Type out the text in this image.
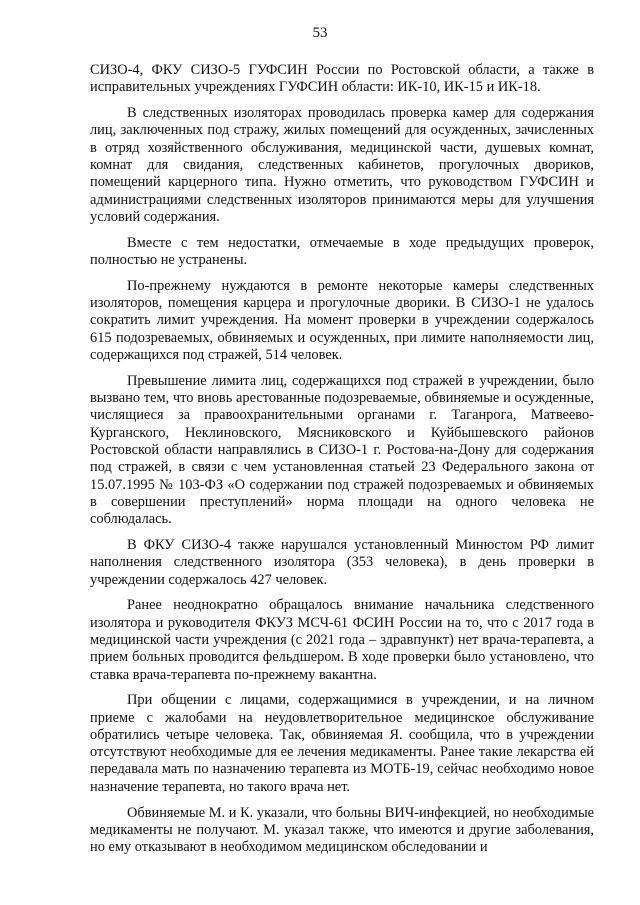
53

СИЗО-4, ФКУ СИЗО-5 ГУФСИН России по Ростовской области, а также в исправительных учреждениях ГУФСИН области: ИК-10, ИК-15 и ИК-18.

В следственных изоляторах проводилась проверка камер для содержания лиц, заключенных под стражу, жилых помещений для осужденных, зачисленных в отряд хозяйственного обслуживания, медицинской части, душевых комнат, комнат для свидания, следственных кабинетов, прогулочных двориков, помещений карцерного типа. Нужно отметить, что руководством ГУФСИН и администрациями следственных изоляторов принимаются меры для улучшения условий содержания.

Вместе с тем недостатки, отмечаемые в ходе предыдущих проверок, полностью не устранены.

По-прежнему нуждаются в ремонте некоторые камеры следственных изоляторов, помещения карцера и прогулочные дворики. В СИЗО-1 не удалось сократить лимит учреждения. На момент проверки в учреждении содержалось 615 подозреваемых, обвиняемых и осужденных, при лимите наполняемости лиц, содержащихся под стражей, 514 человек.

Превышение лимита лиц, содержащихся под стражей в учреждении, было вызвано тем, что вновь арестованные подозреваемые, обвиняемые и осужденные, числящиеся за правоохранительными органами г. Таганрога, Матвеево-Курганского, Неклиновского, Мясниковского и Куйбышевского районов Ростовской области направлялись в СИЗО-1 г. Ростова-на-Дону для содержания под стражей, в связи с чем установленная статьей 23 Федерального закона от 15.07.1995 № 103-ФЗ «О содержании под стражей подозреваемых и обвиняемых в совершении преступлений» норма площади на одного человека не соблюдалась.

В ФКУ СИЗО-4 также нарушался установленный Минюстом РФ лимит наполнения следственного изолятора (353 человека), в день проверки в учреждении содержалось 427 человек.

Ранее неоднократно обращалось внимание начальника следственного изолятора и руководителя ФКУЗ МСЧ-61 ФСИН России на то, что с 2017 года в медицинской части учреждения (с 2021 года – здравпункт) нет врача-терапевта, а прием больных проводится фельдшером. В ходе проверки было установлено, что ставка врача-терапевта по-прежнему вакантна.

При общении с лицами, содержащимися в учреждении, и на личном приеме с жалобами на неудовлетворительное медицинское обслуживание обратились четыре человека. Так, обвиняемая Я. сообщила, что в учреждении отсутствуют необходимые для ее лечения медикаменты. Ранее такие лекарства ей передавала мать по назначению терапевта из МОТБ-19, сейчас необходимо новое назначение терапевта, но такого врача нет.

Обвиняемые М. и К. указали, что больны ВИЧ-инфекцией, но необходимые медикаменты не получают. М. указал также, что имеются и другие заболевания, но ему отказывают в необходимом медицинском обследовании и
